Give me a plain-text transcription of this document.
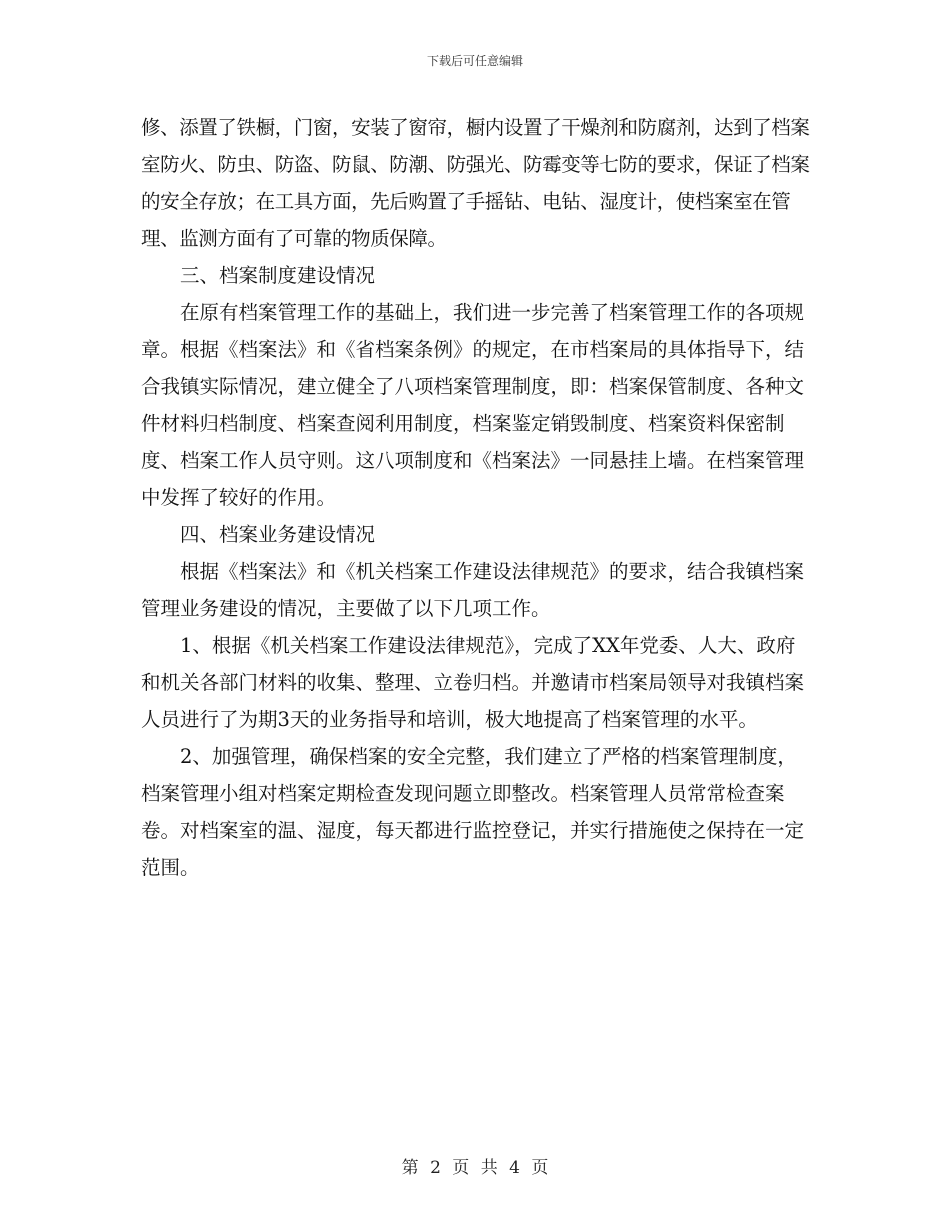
下载后可任意编辑

修、添置了铁橱，门窗，安装了窗帘，橱内设置了干燥剂和防腐剂，达到了档案室防火、防虫、防盗、防鼠、防潮、防强光、防霉变等七防的要求，保证了档案的安全存放；在工具方面，先后购置了手摇钻、电钻、湿度计，使档案室在管理、监测方面有了可靠的物质保障。

三、档案制度建设情况

在原有档案管理工作的基础上，我们进一步完善了档案管理工作的各项规章。根据《档案法》和《省档案条例》的规定，在市档案局的具体指导下，结合我镇实际情况，建立健全了八项档案管理制度，即：档案保管制度、各种文件材料归档制度、档案查阅利用制度，档案鉴定销毁制度、档案资料保密制度、档案工作人员守则。这八项制度和《档案法》一同悬挂上墙。在档案管理中发挥了较好的作用。

四、档案业务建设情况

根据《档案法》和《机关档案工作建设法律规范》的要求，结合我镇档案管理业务建设的情况，主要做了以下几项工作。

1、根据《机关档案工作建设法律规范》，完成了XX年党委、人大、政府和机关各部门材料的收集、整理、立卷归档。并邀请市档案局领导对我镇档案人员进行了为期3天的业务指导和培训，极大地提高了档案管理的水平。

2、加强管理，确保档案的安全完整，我们建立了严格的档案管理制度，档案管理小组对档案定期检查发现问题立即整改。档案管理人员常常检查案卷。对档案室的温、湿度，每天都进行监控登记，并实行措施使之保持在一定范围。

第 2 页 共 4 页
